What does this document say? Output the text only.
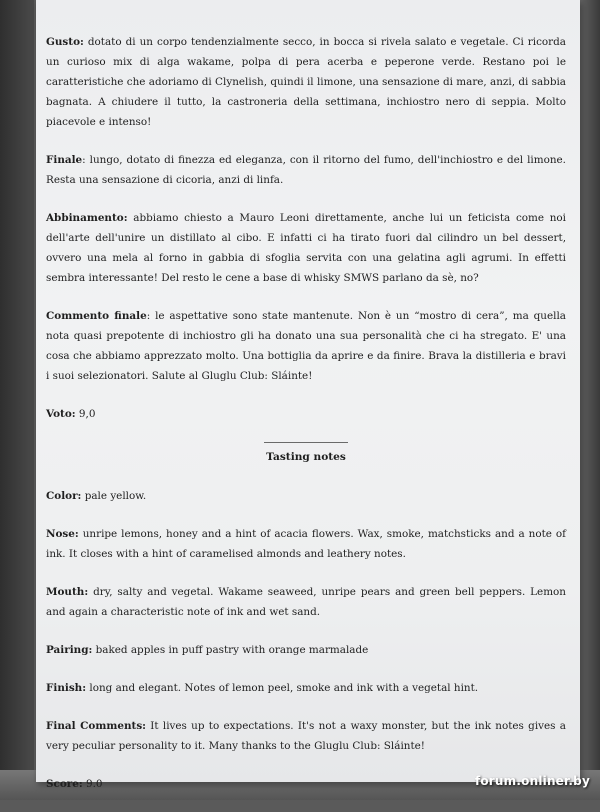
Gusto: dotato di un corpo tendenzialmente secco, in bocca si rivela salato e vegetale. Ci ricorda un curioso mix di alga wakame, polpa di pera acerba e peperone verde. Restano poi le caratteristiche che adoriamo di Clynelish, quindi il limone, una sensazione di mare, anzi, di sabbia bagnata. A chiudere il tutto, la castroneria della settimana, inchiostro nero di seppia. Molto piacevole e intenso!

Finale: lungo, dotato di finezza ed eleganza, con il ritorno del fumo, dell'inchiostro e del limone. Resta una sensazione di cicoria, anzi di linfa.

Abbinamento: abbiamo chiesto a Mauro Leoni direttamente, anche lui un feticista come noi dell'arte dell'unire un distillato al cibo. E infatti ci ha tirato fuori dal cilindro un bel dessert, ovvero una mela al forno in gabbia di sfoglia servita con una gelatina agli agrumi. In effetti sembra interessante! Del resto le cene a base di whisky SMWS parlano da sè, no?

Commento finale: le aspettative sono state mantenute. Non è un “mostro di cera”, ma quella nota quasi prepotente di inchiostro gli ha donato una sua personalità che ci ha stregato. E' una cosa che abbiamo apprezzato molto. Una bottiglia da aprire e da finire. Brava la distilleria e bravi i suoi selezionatori. Salute al Gluglu Club: Sláinte!

Voto: 9,0

Tasting notes

Color: pale yellow.

Nose: unripe lemons, honey and a hint of acacia flowers. Wax, smoke, matchsticks and a note of ink. It closes with a hint of caramelised almonds and leathery notes.

Mouth: dry, salty and vegetal. Wakame seaweed, unripe pears and green bell peppers. Lemon and again a characteristic note of ink and wet sand.

Pairing: baked apples in puff pastry with orange marmalade

Finish: long and elegant. Notes of lemon peel, smoke and ink with a vegetal hint.

Final Comments: It lives up to expectations. It's not a waxy monster, but the ink notes gives a very peculiar personality to it. Many thanks to the Gluglu Club: Sláinte!

Score: 9.0	forum.onliner.by
